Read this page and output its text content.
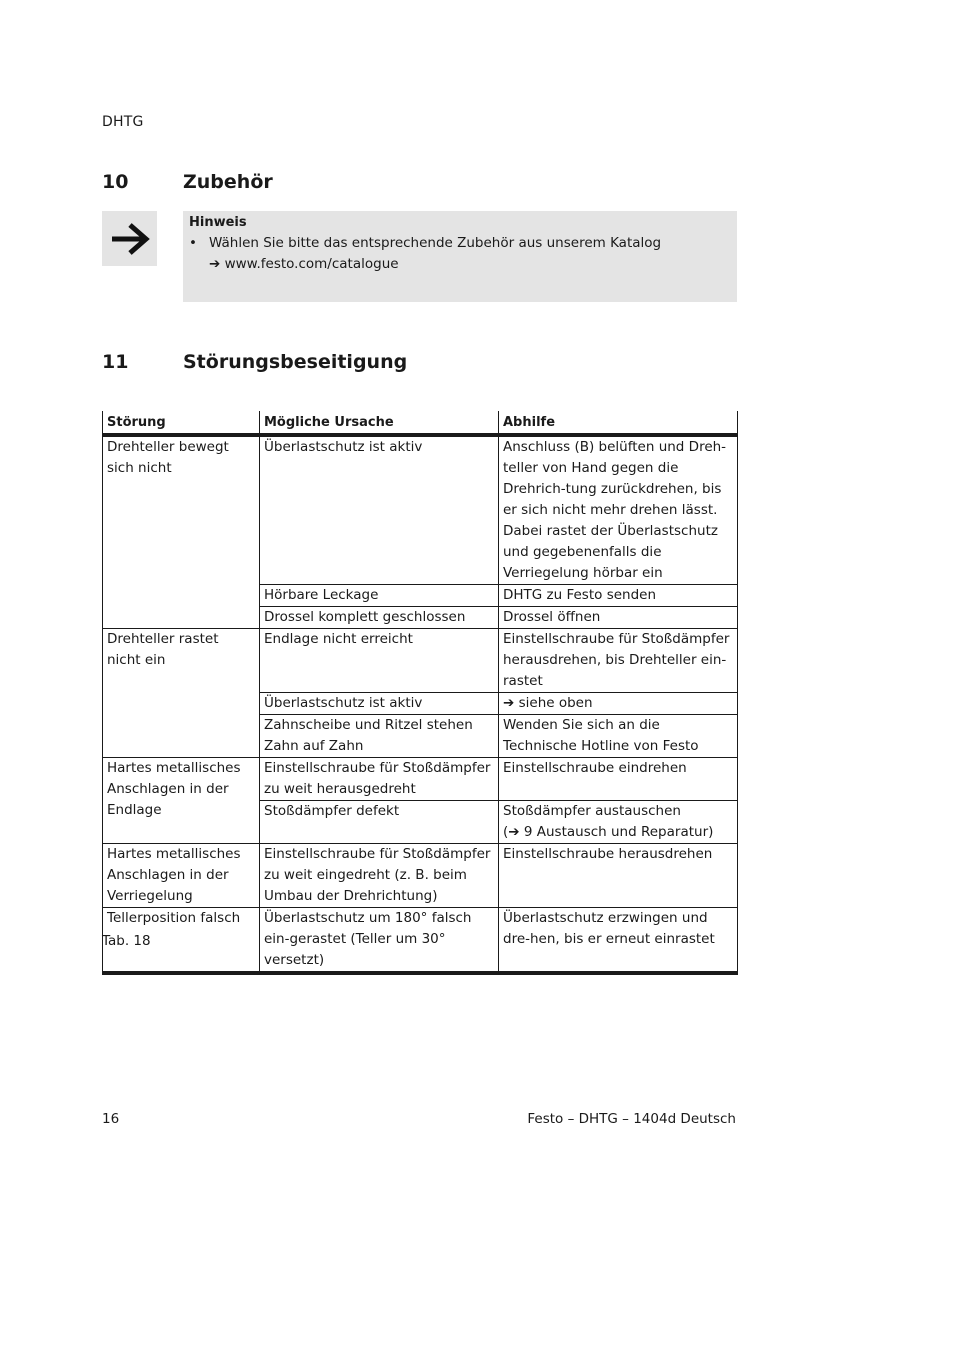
DHTG
10	Zubehör
Hinweis
• Wählen Sie bitte das entsprechende Zubehör aus unserem Katalog
➔ www.festo.com/catalogue
11	Störungsbeseitigung
Störung	Mögliche Ursache	Abhilfe
Drehteller bewegt sich nicht	Überlastschutz ist aktiv	Anschluss (B) belüften und Dreh-teller von Hand gegen die Drehrich-tung zurückdrehen, bis er sich nicht mehr drehen lässt. Dabei rastet der Überlastschutz und gegebenenfalls die Verriegelung hörbar ein
	Hörbare Leckage	DHTG zu Festo senden
	Drossel komplett geschlossen	Drossel öffnen
Drehteller rastet nicht ein	Endlage nicht erreicht	Einstellschraube für Stoßdämpfer herausdrehen, bis Drehteller ein-rastet
	Überlastschutz ist aktiv	➔ siehe oben
	Zahnscheibe und Ritzel stehen Zahn auf Zahn	Wenden Sie sich an die Technische Hotline von Festo
Hartes metallisches Anschlagen in der Endlage	Einstellschraube für Stoßdämpfer zu weit herausgedreht	Einstellschraube eindrehen
	Stoßdämpfer defekt	Stoßdämpfer austauschen
(➔ 9 Austausch und Reparatur)

Hartes metallisches Anschlagen in der Verriegelung	Einstellschraube für Stoßdämpfer zu weit eingedreht (z. B. beim Umbau der Drehrichtung)	Einstellschraube herausdrehen
Tellerposition falsch	Überlastschutz um 180° falsch ein-gerastet (Teller um 30° versetzt)	Überlastschutz erzwingen und dre-hen, bis er erneut einrastet
Tab. 18
16	Festo – DHTG – 1404d Deutsch
